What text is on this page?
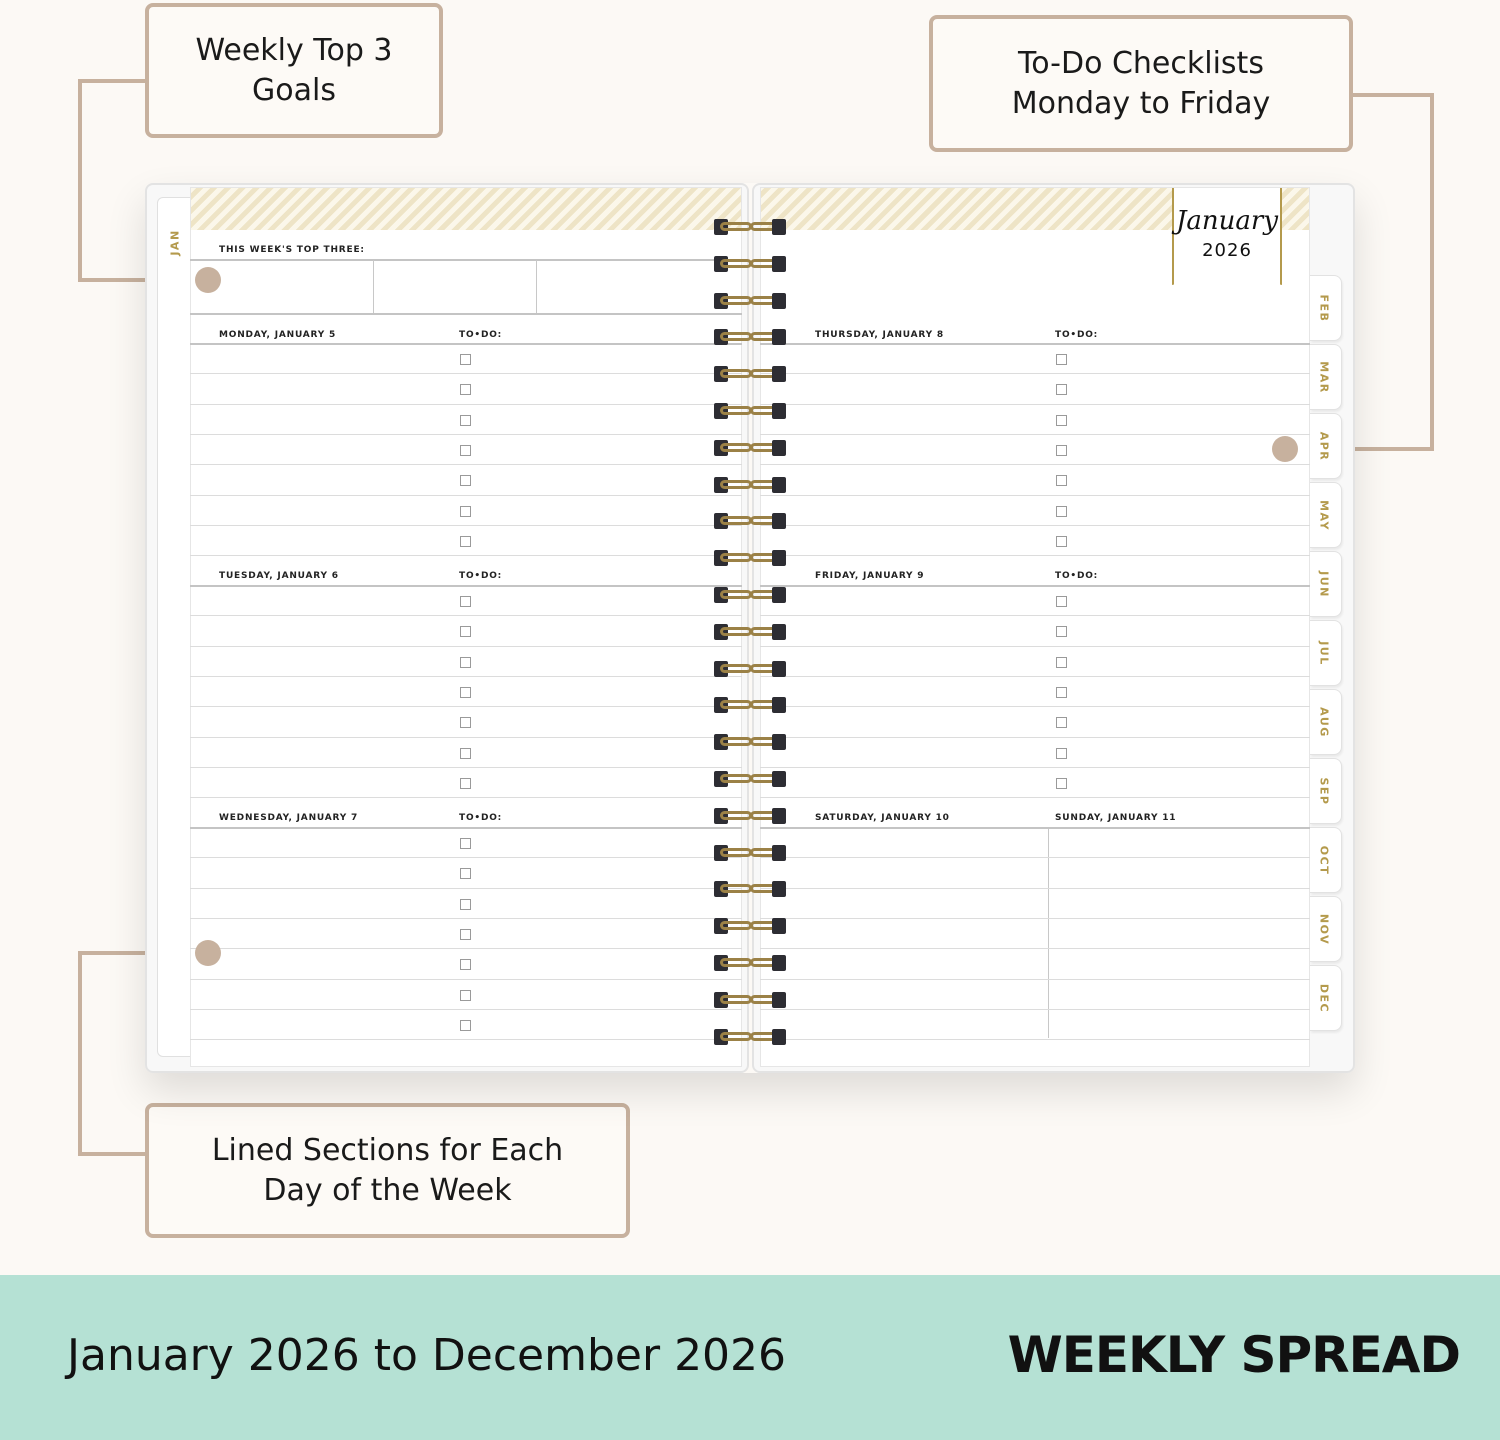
Weekly Top 3
Goals
To-Do Checklists
Monday to Friday
Lined Sections for Each
Day of the Week
JAN	THIS WEEK'S TOP THREE:
MONDAY, JANUARY 5	TO•DO:
TUESDAY, JANUARY 6	TO•DO:
WEDNESDAY, JANUARY 7	TO•DO:
THURSDAY, JANUARY 8	TO•DO:
FRIDAY, JANUARY 9	TO•DO:
SATURDAY, JANUARY 10	SUNDAY, JANUARY 11
January
2026
FEB
MAR
APR
MAY
JUN
JUL
AUG
SEP
OCT
NOV
DEC
January 2026 to December 2026	WEEKLY SPREAD
